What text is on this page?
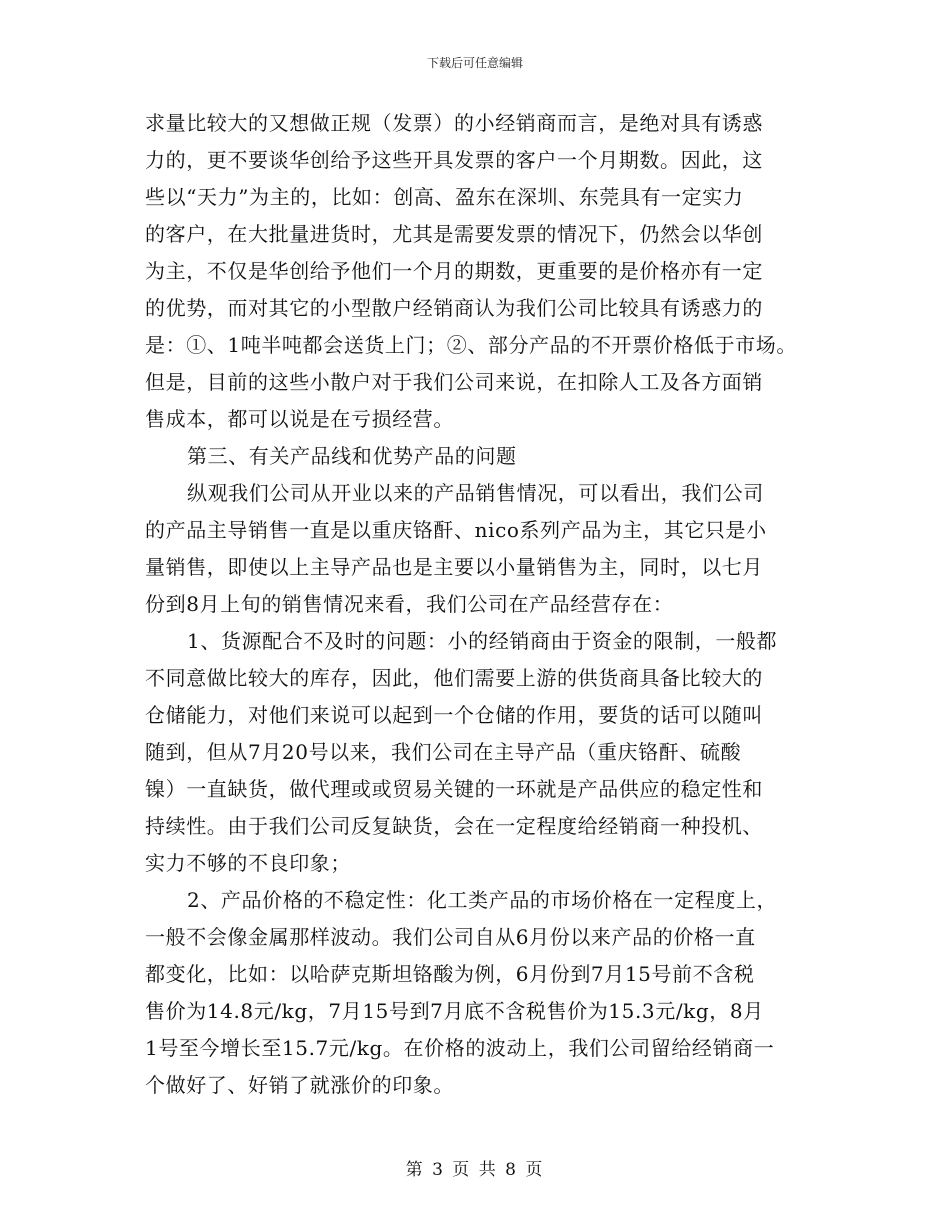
下载后可任意编辑
求量比较大的又想做正规（发票）的小经销商而言，是绝对具有诱惑
力的，更不要谈华创给予这些开具发票的客户一个月期数。因此，这
些以“天力”为主的，比如：创高、盈东在深圳、东莞具有一定实力
的客户，在大批量进货时，尤其是需要发票的情况下，仍然会以华创
为主，不仅是华创给予他们一个月的期数，更重要的是价格亦有一定
的优势，而对其它的小型散户经销商认为我们公司比较具有诱惑力的
是：①、1吨半吨都会送货上门；②、部分产品的不开票价格低于市场。
但是，目前的这些小散户对于我们公司来说，在扣除人工及各方面销
售成本，都可以说是在亏损经营。
第三、有关产品线和优势产品的问题
纵观我们公司从开业以来的产品销售情况，可以看出，我们公司
的产品主导销售一直是以重庆铬酐、nico系列产品为主，其它只是小
量销售，即使以上主导产品也是主要以小量销售为主，同时，以七月
份到8月上旬的销售情况来看，我们公司在产品经营存在：
1、货源配合不及时的问题：小的经销商由于资金的限制，一般都
不同意做比较大的库存，因此，他们需要上游的供货商具备比较大的
仓储能力，对他们来说可以起到一个仓储的作用，要货的话可以随叫
随到，但从7月20号以来，我们公司在主导产品（重庆铬酐、硫酸
镍）一直缺货，做代理或或贸易关键的一环就是产品供应的稳定性和
持续性。由于我们公司反复缺货，会在一定程度给经销商一种投机、
实力不够的不良印象；
2、产品价格的不稳定性：化工类产品的市场价格在一定程度上，
一般不会像金属那样波动。我们公司自从6月份以来产品的价格一直
都变化，比如：以哈萨克斯坦铬酸为例，6月份到7月15号前不含税
售价为14.8元/kg，7月15号到7月底不含税售价为15.3元/kg，8月
1号至今增长至15.7元/kg。在价格的波动上，我们公司留给经销商一
个做好了、好销了就涨价的印象。
第 3 页 共 8 页
